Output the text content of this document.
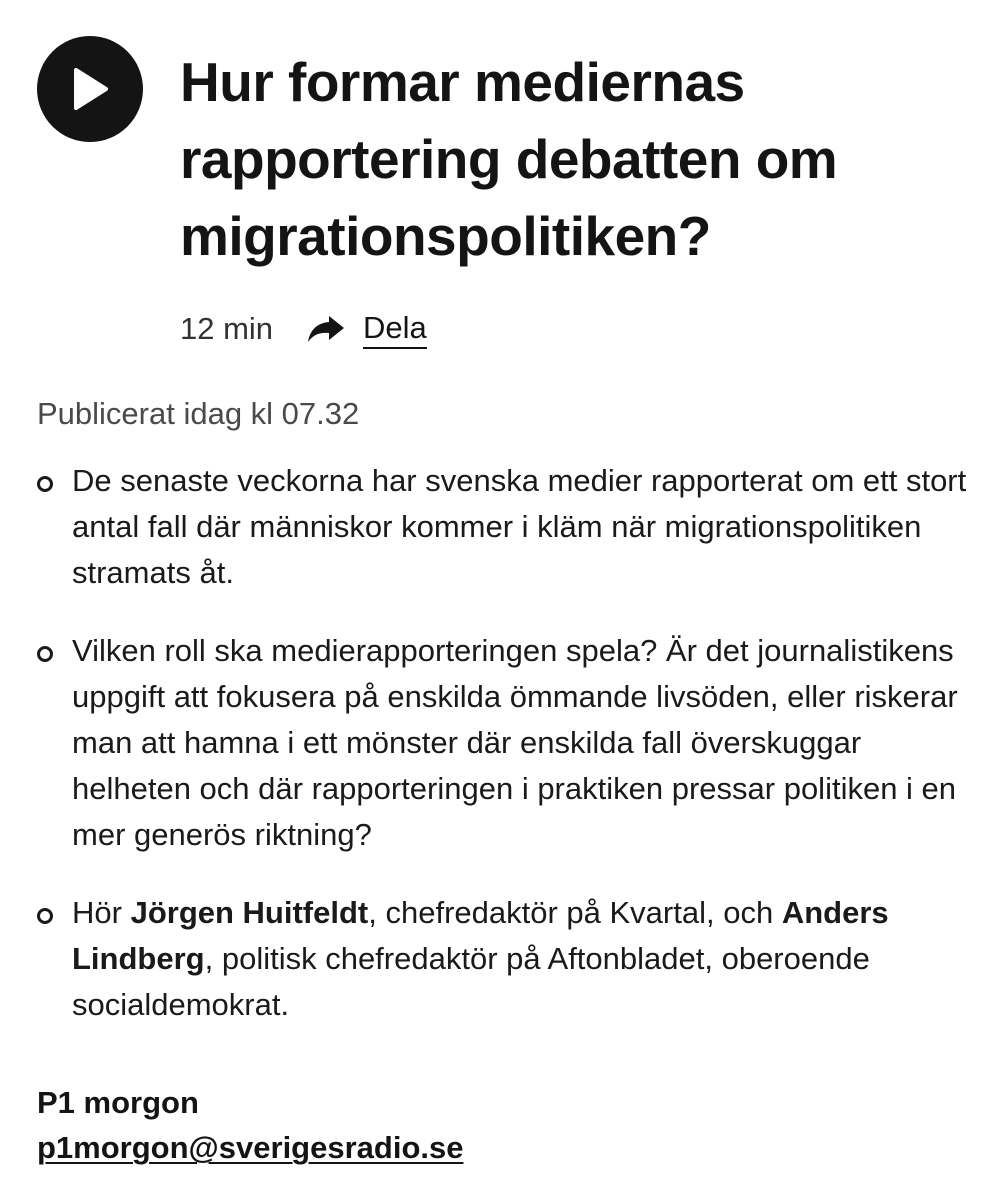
Hur formar mediernas rapportering debatten om migrationspolitiken?
12 min	Dela
Publicerat idag kl 07.32
De senaste veckorna har svenska medier rapporterat om ett stort antal fall där människor kommer i kläm när migrationspolitiken stramats åt.
Vilken roll ska medierapporteringen spela? Är det journalistikens uppgift att fokusera på enskilda ömmande livsöden, eller riskerar man att hamna i ett mönster där enskilda fall överskuggar helheten och där rapporteringen i praktiken pressar politiken i en mer generös riktning?
Hör Jörgen Huitfeldt, chefredaktör på Kvartal, och Anders Lindberg, politisk chefredaktör på Aftonbladet, oberoende socialdemokrat.
P1 morgon
p1morgon@sverigesradio.se
